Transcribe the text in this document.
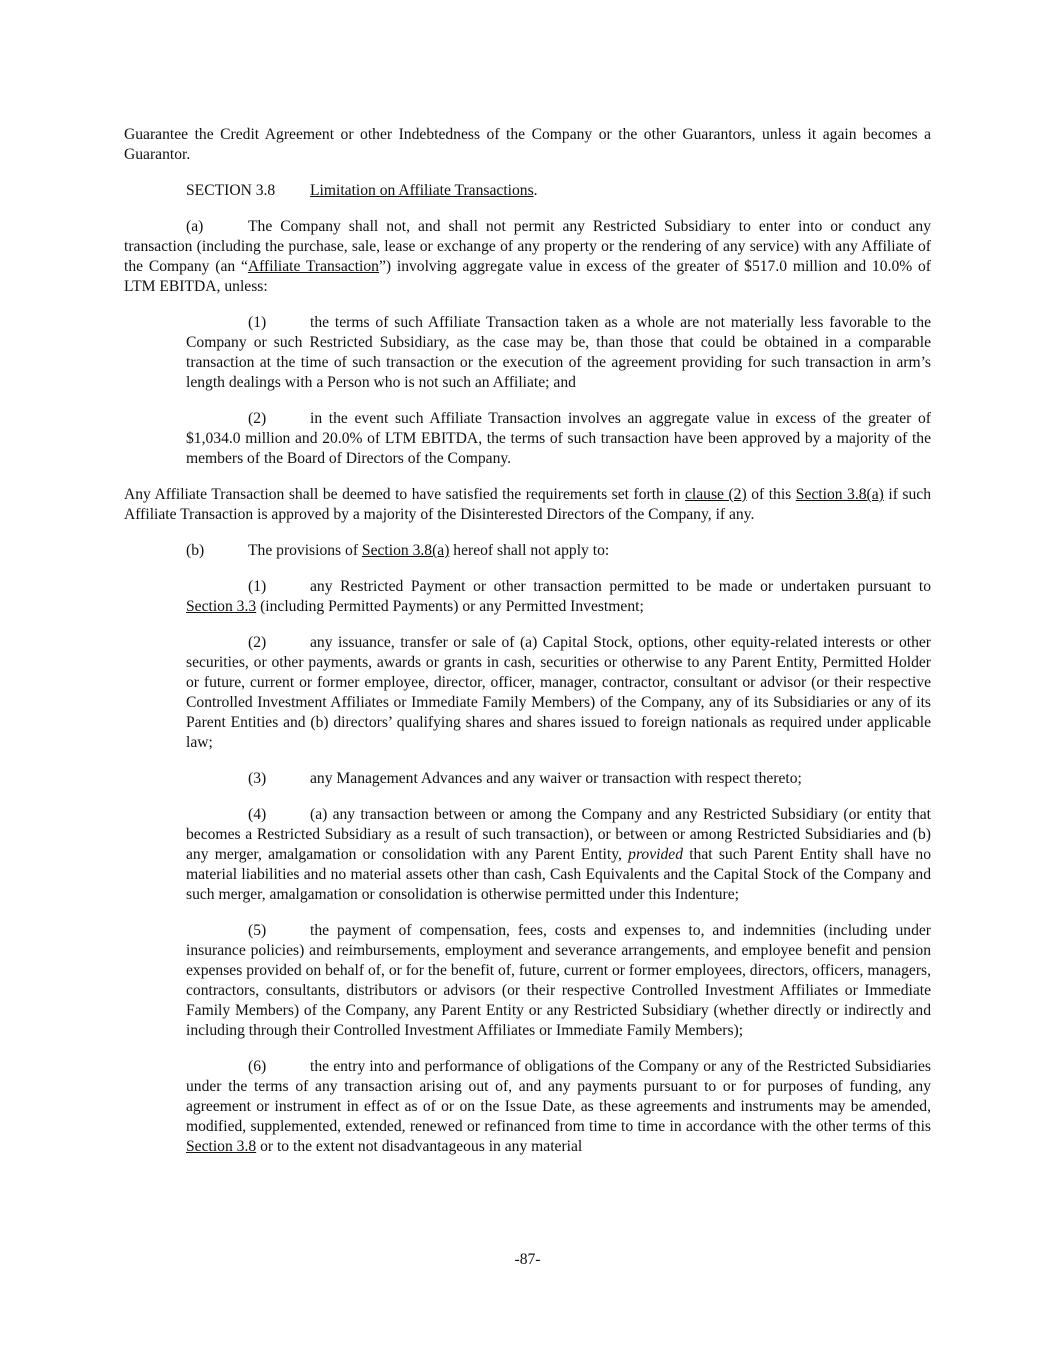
Guarantee the Credit Agreement or other Indebtedness of the Company or the other Guarantors, unless it again becomes a Guarantor.

SECTION 3.8 Limitation on Affiliate Transactions.

(a)	The Company shall not, and shall not permit any Restricted Subsidiary to enter into or conduct any transaction (including the purchase, sale, lease or exchange of any property or the rendering of any service) with any Affiliate of the Company (an “Affiliate Transaction”) involving aggregate value in excess of the greater of $517.0 million and 10.0% of LTM EBITDA, unless:

(1)	the terms of such Affiliate Transaction taken as a whole are not materially less favorable to the Company or such Restricted Subsidiary, as the case may be, than those that could be obtained in a comparable transaction at the time of such transaction or the execution of the agreement providing for such transaction in arm’s length dealings with a Person who is not such an Affiliate; and

(2)	in the event such Affiliate Transaction involves an aggregate value in excess of the greater of $1,034.0 million and 20.0% of LTM EBITDA, the terms of such transaction have been approved by a majority of the members of the Board of Directors of the Company.

Any Affiliate Transaction shall be deemed to have satisfied the requirements set forth in clause (2) of this Section 3.8(a) if such Affiliate Transaction is approved by a majority of the Disinterested Directors of the Company, if any.

(b)	The provisions of Section 3.8(a) hereof shall not apply to:

(1)	any Restricted Payment or other transaction permitted to be made or undertaken pursuant to Section 3.3 (including Permitted Payments) or any Permitted Investment;

(2)	any issuance, transfer or sale of (a) Capital Stock, options, other equity-related interests or other securities, or other payments, awards or grants in cash, securities or otherwise to any Parent Entity, Permitted Holder or future, current or former employee, director, officer, manager, contractor, consultant or advisor (or their respective Controlled Investment Affiliates or Immediate Family Members) of the Company, any of its Subsidiaries or any of its Parent Entities and (b) directors’ qualifying shares and shares issued to foreign nationals as required under applicable law;

(3)	any Management Advances and any waiver or transaction with respect thereto;

(4)	(a) any transaction between or among the Company and any Restricted Subsidiary (or entity that becomes a Restricted Subsidiary as a result of such transaction), or between or among Restricted Subsidiaries and (b) any merger, amalgamation or consolidation with any Parent Entity, provided that such Parent Entity shall have no material liabilities and no material assets other than cash, Cash Equivalents and the Capital Stock of the Company and such merger, amalgamation or consolidation is otherwise permitted under this Indenture;

(5)	the payment of compensation, fees, costs and expenses to, and indemnities (including under insurance policies) and reimbursements, employment and severance arrangements, and employee benefit and pension expenses provided on behalf of, or for the benefit of, future, current or former employees, directors, officers, managers, contractors, consultants, distributors or advisors (or their respective Controlled Investment Affiliates or Immediate Family Members) of the Company, any Parent Entity or any Restricted Subsidiary (whether directly or indirectly and including through their Controlled Investment Affiliates or Immediate Family Members);

(6)	the entry into and performance of obligations of the Company or any of the Restricted Subsidiaries under the terms of any transaction arising out of, and any payments pursuant to or for purposes of funding, any agreement or instrument in effect as of or on the Issue Date, as these agreements and instruments may be amended, modified, supplemented, extended, renewed or refinanced from time to time in accordance with the other terms of this Section 3.8 or to the extent not disadvantageous in any material

-87-
